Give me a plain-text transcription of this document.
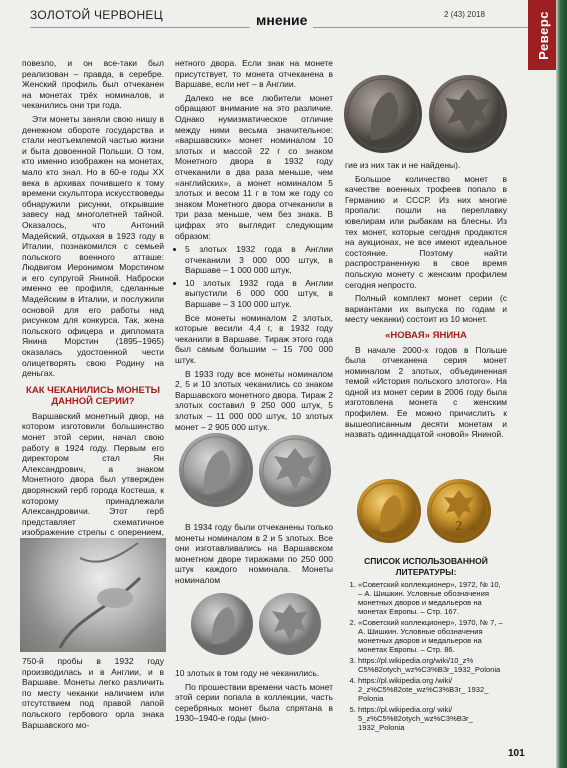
ЗОЛОТОЙ ЧЕРВОНЕЦ	мнение	2 (43) 2018	Реверс

повезло, и он все-таки был реализован – правда, в серебре. Женский профиль был отчеканен на монетах трёх номиналов, и чеканились они три года.

Эти монеты заняли свою нишу в денежном обороте государства и стали неотъемлемой частью жизни и быта довоенной Польши. О том, кто именно изображен на монетах, мало кто знал. Но в 60-е годы XX века в архивах почившего к тому времени скульптора искусствоведы обнаружили рисунки, открывшие завесу над многолетней тайной. Оказалось, что Антоний Мадейский, отдыхая в 1923 году в Италии, познакомился с семьей польского военного атташе: Людвигом Иеронимом Морстином и его супругой Янинoй. Наброски именно ее профиля, сделанные Мадейским в Италии, и послужили основой для его работы над рисунком для конкурса. Так, жена польского офицера и дипломата Янина Морстин (1895–1965) оказалась удостоенной чести олицетворять свою Родину на деньгах.

КАК ЧЕКАНИЛИСЬ МОНЕТЫ ДАННОЙ СЕРИИ?

Варшавский монетный двор, на котором изготовили большинство монет этой серии, начал свою работу в 1924 году. Первым его директором стал Ян Александрович, а знаком Монетного двора был утвержден дворянский герб города Костеша, к которому принадлежали Александровичи. Этот герб представляет схематичное изображение стрелы с оперением,

750-й пробы в 1932 году производилась и в Англии, и в Варшаве. Монеты легко различить по месту чеканки наличием или отсутствием под правой лапой польского гербового орла знака Варшавского мо-

нетного двора. Если знак на монете присутствует, то монета отчеканена в Варшаве, если нет – в Англии.

Далеко не все любители монет обращают внимание на это различие. Однако нумизматическое отличие между ними весьма значительное: «варшавских» монет номиналом 10 злотых и массой 22 г со знаком Монетного двора в 1932 году отчеканили в два раза меньше, чем «английских», а монет номиналом 5 злотых и весом 11 г в том же году со знаком Монетного двора отчеканили в три раза меньше, чем без знака. В цифрах это выглядит следующим образом:

• 5 злотых 1932 года в Англии отчеканили 3 000 000 штук, в Варшаве – 1 000 000 штук,
• 10 злотых 1932 года в Англии выпустили 6 000 000 штук, в Варшаве – 3 100 000 штук.

Все монеты номиналом 2 злотых, которые весили 4,4 г, в 1932 году чеканили в Варшаве. Тираж этого года был самым большим – 15 700 000 штук.

В 1933 году все монеты номиналом 2, 5 и 10 злотых чеканились со знаком Варшавского монетного двора. Тираж 2 злотых составил 9 250 000 штук, 5 злотых – 11 000 000 штук, 10 злотых монет – 2 905 000 штук.

В 1934 году были отчеканены только монеты номиналом в 2 и 5 злотых. Все они изготавливались на Варшавском монетном дворе тиражами по 250 000 штук каждого номинала. Монеты номиналом

10 злотых в том году не чеканились.

По прошествии времени часть монет этой серии попала в коллекции, часть серебряных монет была спрятана в 1930–1940-е годы (мно-

гие из них так и не найдены).

Большое количество монет в качестве военных трофеев попало в Германию и СССР. Из них многие пропали: пошли на переплавку ювелирам или рыбакам на блесны. Из тех монет, которые сегодня продаются на аукционах, не все имеют идеальное состояние. Поэтому найти распространенную в свое время польскую монету с женским профилем сегодня непросто.

Полный комплект монет серии (с вариантами их выпуска по годам и месту чеканки) состоит из 10 монет.

«НОВАЯ» ЯНИНА

В начале 2000-х годов в Польше была отчеканена серия монет номиналом 2 злотых, объединенная темой «История польского злотого». На одной из монет серии в 2006 году была изготовлена монета с женским профилем. Ее можно причислить к вышеописанным десяти монетам и назвать одиннадцатой «новой» Яниной.

2 ZŁ
СПИСОК ИСПОЛЬЗОВАННОЙ ЛИТЕРАТУРЫ:
1. «Советский коллекционер», 1972, № 10, – А. Шишкин. Условные обозначения монетных дворов и медальеров на монетах Европы. – Стр. 167.
2. «Советский коллекционер», 1970, № 7, – А. Шишкин. Условные обозначения монетных дворов и медальеров на монетах Европы. – Стр. 86.
3. https://pl.wikipedia.org/wiki/10_z% C5%82otych_wz%C3%B3r_1932_Polonia
4. https://pl.wikipedia.org /wiki/ 2_z%C5%82ote_wz%C3%B3r_ 1932_ Polonia
5. https://pl.wikipedia.org/ wiki/ 5_z%C5%82otych_wz%C3%B3r_ 1932_Polonia
101
